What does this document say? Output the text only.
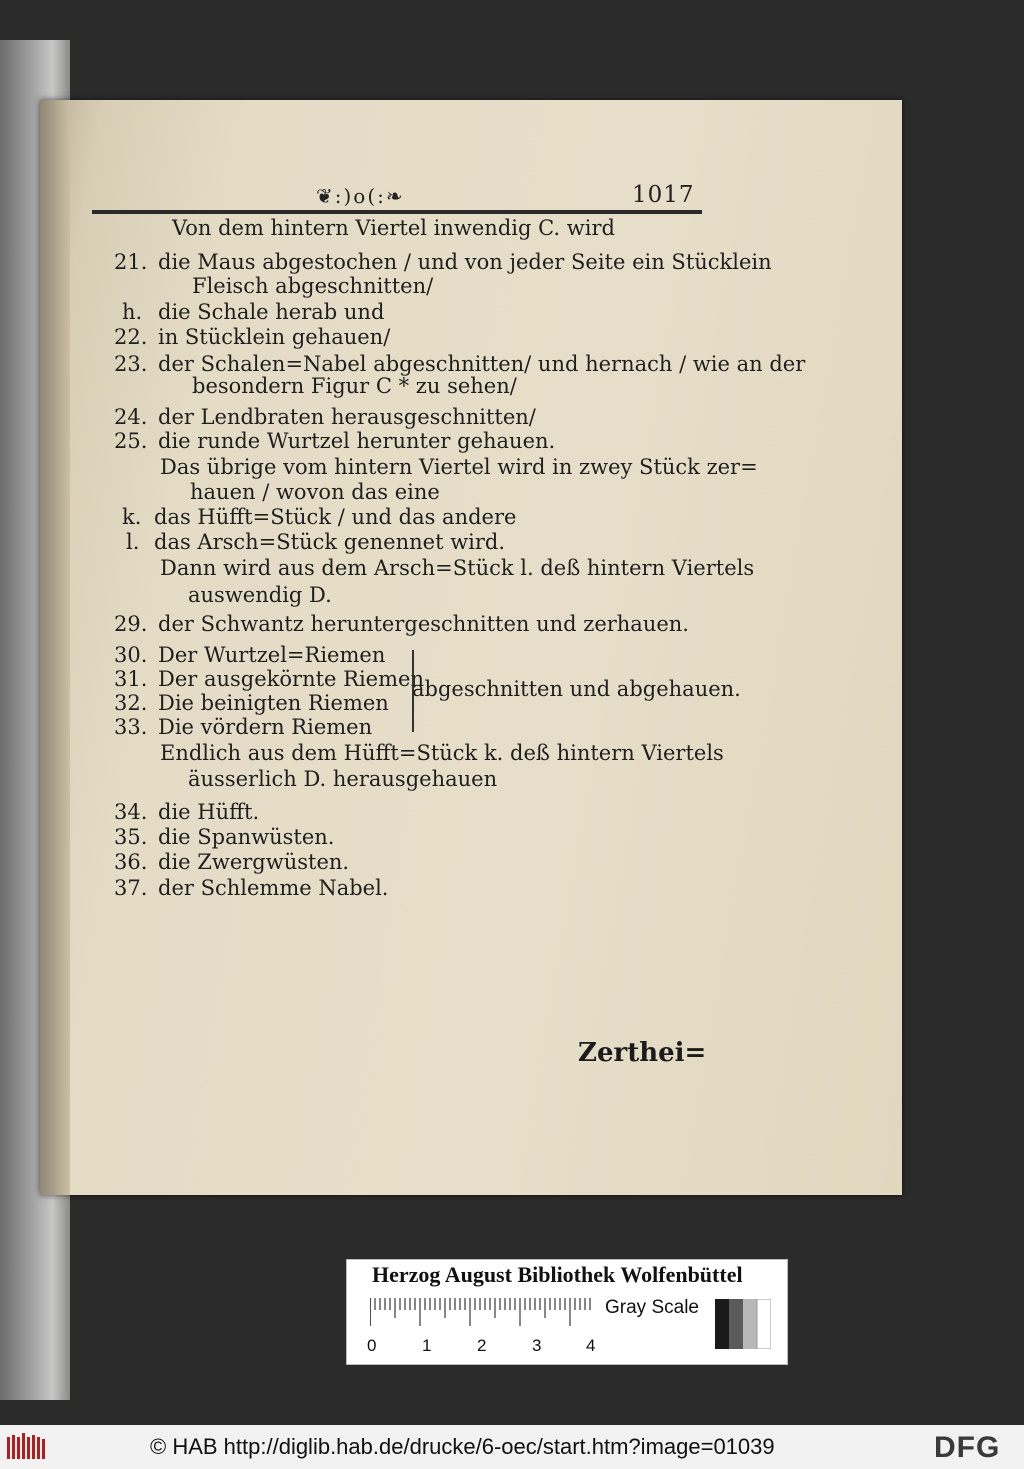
❦:)o(:❧	1017
Von dem hintern Viertel inwendig C. wird
21. die Maus abgestochen / und von jeder Seite ein Stücklein
Fleisch abgeschnitten/
h. die Schale herab und
22. in Stücklein gehauen/
23. der Schalen=Nabel abgeschnitten/ und hernach / wie an der
besondern Figur C * zu sehen/
24. der Lendbraten herausgeschnitten/
25. die runde Wurtzel herunter gehauen.
Das übrige vom hintern Viertel wird in zwey Stück zer=
hauen / wovon das eine
k. das Hüfft=Stück / und das andere
l. das Arsch=Stück genennet wird.
Dann wird aus dem Arsch=Stück l. deß hintern Viertels
auswendig D.
29. der Schwantz heruntergeschnitten und zerhauen.
30. Der Wurtzel=Riemen
31. Der ausgekörnte Riemen
32. Die beinigten Riemen
33. Die vördern Riemen
abgeschnitten und abgehauen.
Endlich aus dem Hüfft=Stück k. deß hintern Viertels
äusserlich D. herausgehauen
34. die Hüfft.
35. die Spanwüsten.
36. die Zwergwüsten.
37. der Schlemme Nabel.
Zerthei=
Herzog August Bibliothek Wolfenbüttel
0	1	2	3	4
Gray Scale
© HAB http://diglib.hab.de/drucke/6-oec/start.htm?image=01039	DFG
